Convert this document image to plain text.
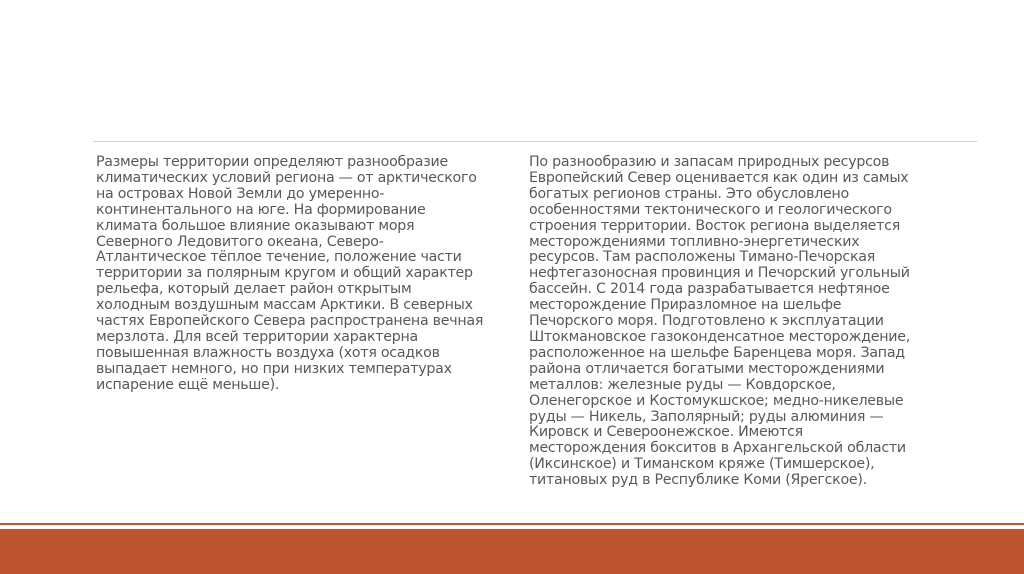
Размеры территории определяют разнообразие
климатических условий региона — от арктического
на островах Новой Земли до умеренно-
континентального на юге. На формирование
климата большое влияние оказывают моря
Северного Ледовитого океана, Северо-
Атлантическое тёплое течение, положение части
территории за полярным кругом и общий характер
рельефа, который делает район открытым
холодным воздушным массам Арктики. В северных
частях Европейского Севера распространена вечная
мерзлота. Для всей территории характерна
повышенная влажность воздуха (хотя осадков
выпадает немного, но при низких температурах
испарение ещё меньше).

По разнообразию и запасам природных ресурсов
Европейский Север оценивается как один из самых
богатых регионов страны. Это обусловлено
особенностями тектонического и геологического
строения территории. Восток региона выделяется
месторождениями топливно-энергетических
ресурсов. Там расположены Тимано-Печорская
нефтегазоносная провинция и Печорский угольный
бассейн. С 2014 года разрабатывается нефтяное
месторождение Приразломное на шельфе
Печорского моря. Подготовлено к эксплуатации
Штокмановское газоконденсатное месторождение,
расположенное на шельфе Баренцева моря. Запад
района отличается богатыми месторождениями
металлов: железные руды — Ковдорское,
Оленегорское и Костомукшское; медно-никелевые
руды — Никель, Заполярный; руды алюминия —
Кировск и Североонежское. Имеются
месторождения бокситов в Архангельской области
(Иксинское) и Тиманском кряже (Тимшерское),
титановых руд в Республике Коми (Ярегское).
